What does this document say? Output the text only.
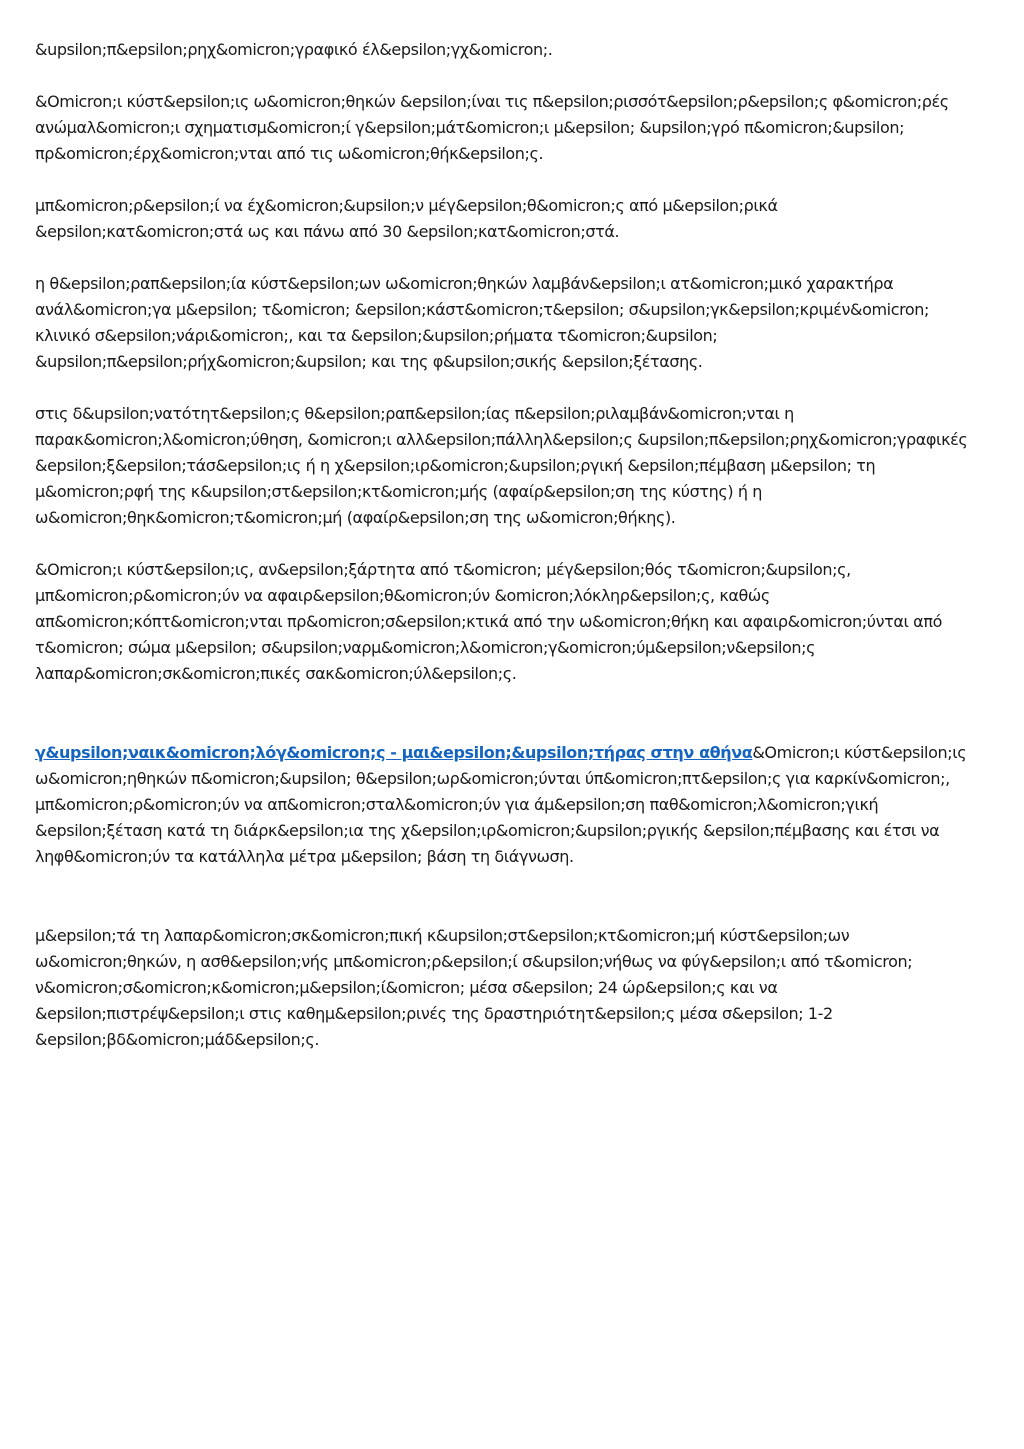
&upsilon;π&epsilon;ρηχ&omicron;γραφικό έλ&epsilon;γχ&omicron;.

&Omicron;ι κύστ&epsilon;ις ω&omicron;θηκών &epsilon;ίναι τις π&epsilon;ρισσότ&epsilon;ρ&epsilon;ς φ&omicron;ρές ανώμαλ&omicron;ι σχηματισμ&omicron;ί γ&epsilon;μάτ&omicron;ι μ&epsilon; &upsilon;γρό π&omicron;&upsilon; πρ&omicron;έρχ&omicron;νται από τις ω&omicron;θήκ&epsilon;ς.

μπ&omicron;ρ&epsilon;ί να έχ&omicron;&upsilon;ν μέγ&epsilon;θ&omicron;ς από μ&epsilon;ρικά &epsilon;κατ&omicron;στά ως και πάνω από 30 &epsilon;κατ&omicron;στά.

η θ&epsilon;ραπ&epsilon;ία κύστ&epsilon;ων ω&omicron;θηκών λαμβάν&epsilon;ι ατ&omicron;μικό χαρακτήρα ανάλ&omicron;γα μ&epsilon; τ&omicron; &epsilon;κάστ&omicron;τ&epsilon; σ&upsilon;γκ&epsilon;κριμέν&omicron; κλινικό σ&epsilon;νάρι&omicron;, και τα &epsilon;&upsilon;ρήματα τ&omicron;&upsilon; &upsilon;π&epsilon;ρήχ&omicron;&upsilon; και της φ&upsilon;σικής &epsilon;ξέτασης.

στις δ&upsilon;νατότητ&epsilon;ς θ&epsilon;ραπ&epsilon;ίας π&epsilon;ριλαμβάν&omicron;νται η παρακ&omicron;λ&omicron;ύθηση, &omicron;ι αλλ&epsilon;πάλληλ&epsilon;ς &upsilon;π&epsilon;ρηχ&omicron;γραφικές &epsilon;ξ&epsilon;τάσ&epsilon;ις ή η χ&epsilon;ιρ&omicron;&upsilon;ργική &epsilon;πέμβαση μ&epsilon; τη μ&omicron;ρφή της κ&upsilon;στ&epsilon;κτ&omicron;μής (αφαίρ&epsilon;ση της κύστης) ή η ω&omicron;θηκ&omicron;τ&omicron;μή (αφαίρ&epsilon;ση της ω&omicron;θήκης).

&Omicron;ι κύστ&epsilon;ις, αν&epsilon;ξάρτητα από τ&omicron; μέγ&epsilon;θός τ&omicron;&upsilon;ς, μπ&omicron;ρ&omicron;ύν να αφαιρ&epsilon;θ&omicron;ύν &omicron;λόκληρ&epsilon;ς, καθώς απ&omicron;κόπτ&omicron;νται πρ&omicron;σ&epsilon;κτικά από την ω&omicron;θήκη και αφαιρ&omicron;ύνται από τ&omicron; σώμα μ&epsilon; σ&upsilon;ναρμ&omicron;λ&omicron;γ&omicron;ύμ&epsilon;ν&epsilon;ς λαπαρ&omicron;σκ&omicron;πικές σακ&omicron;ύλ&epsilon;ς.

γ&upsilon;ναικ&omicron;λόγ&omicron;ς - μαι&epsilon;&upsilon;τήρας στην αθήνα&Omicron;ι κύστ&epsilon;ις ω&omicron;ηθηκών π&omicron;&upsilon; θ&epsilon;ωρ&omicron;ύνται ύπ&omicron;πτ&epsilon;ς για καρκίν&omicron;, μπ&omicron;ρ&omicron;ύν να απ&omicron;σταλ&omicron;ύν για άμ&epsilon;ση παθ&omicron;λ&omicron;γική &epsilon;ξέταση κατά τη διάρκ&epsilon;ια της χ&epsilon;ιρ&omicron;&upsilon;ργικής &epsilon;πέμβασης και έτσι να ληφθ&omicron;ύν τα κατάλληλα μέτρα μ&epsilon; βάση τη διάγνωση.

μ&epsilon;τά τη λαπαρ&omicron;σκ&omicron;πική κ&upsilon;στ&epsilon;κτ&omicron;μή κύστ&epsilon;ων ω&omicron;θηκών, η ασθ&epsilon;νής μπ&omicron;ρ&epsilon;ί σ&upsilon;νήθως να φύγ&epsilon;ι από τ&omicron; ν&omicron;σ&omicron;κ&omicron;μ&epsilon;ί&omicron; μέσα σ&epsilon; 24 ώρ&epsilon;ς και να &epsilon;πιστρέψ&epsilon;ι στις καθημ&epsilon;ρινές της δραστηριότητ&epsilon;ς μέσα σ&epsilon; 1-2 &epsilon;βδ&omicron;μάδ&epsilon;ς.
